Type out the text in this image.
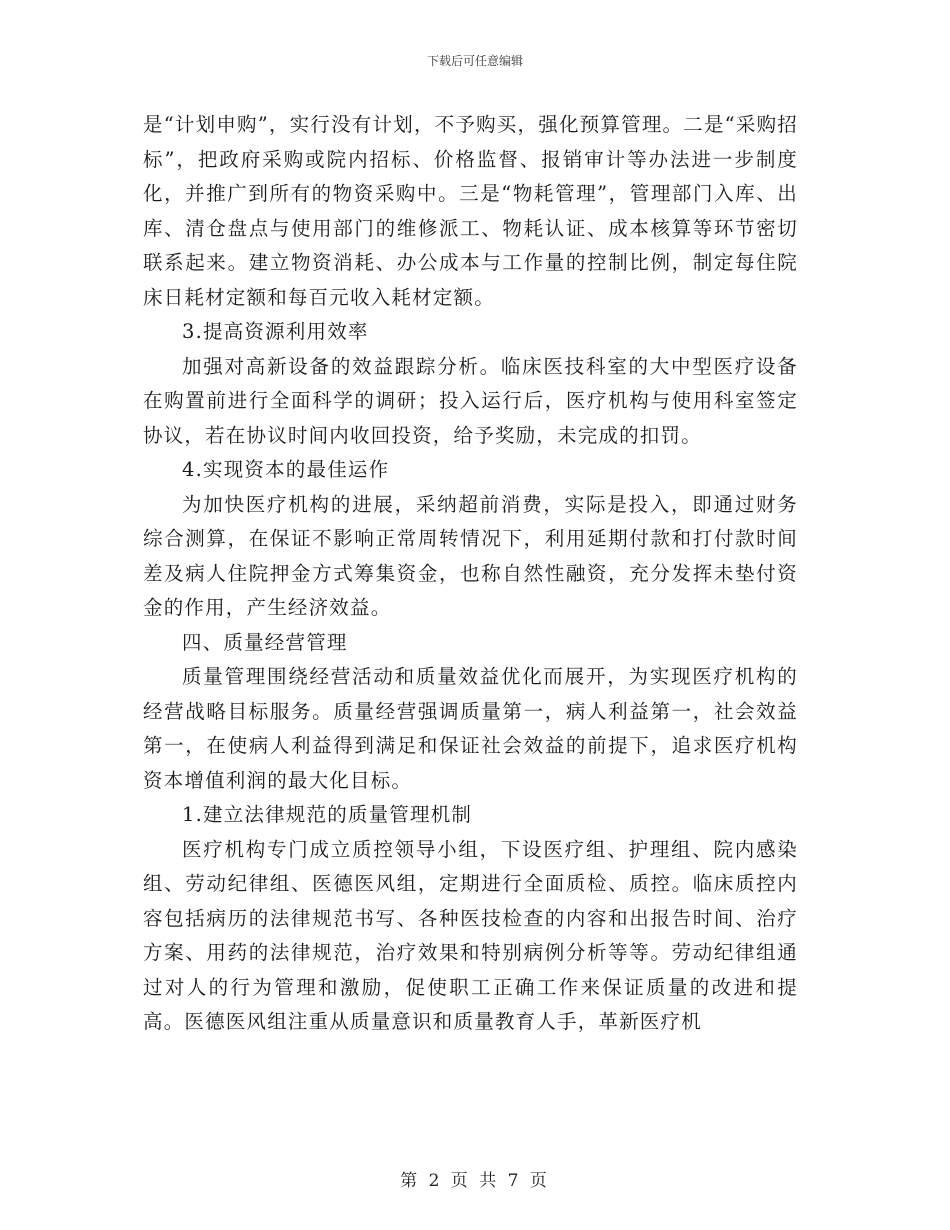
下载后可任意编辑

是“计划申购”，实行没有计划，不予购买，强化预算管理。二是“采购招标”，把政府采购或院内招标、价格监督、报销审计等办法进一步制度化，并推广到所有的物资采购中。三是“物耗管理”，管理部门入库、出库、清仓盘点与使用部门的维修派工、物耗认证、成本核算等环节密切联系起来。建立物资消耗、办公成本与工作量的控制比例，制定每住院床日耗材定额和每百元收入耗材定额。

3.提高资源利用效率

加强对高新设备的效益跟踪分析。临床医技科室的大中型医疗设备在购置前进行全面科学的调研；投入运行后，医疗机构与使用科室签定协议，若在协议时间内收回投资，给予奖励，未完成的扣罚。

4.实现资本的最佳运作

为加快医疗机构的进展，采纳超前消费，实际是投入，即通过财务综合测算，在保证不影响正常周转情况下，利用延期付款和打付款时间差及病人住院押金方式筹集资金，也称自然性融资，充分发挥未垫付资金的作用，产生经济效益。

四、质量经营管理

质量管理围绕经营活动和质量效益优化而展开，为实现医疗机构的经营战略目标服务。质量经营强调质量第一，病人利益第一，社会效益第一，在使病人利益得到满足和保证社会效益的前提下，追求医疗机构资本增值利润的最大化目标。

1.建立法律规范的质量管理机制

医疗机构专门成立质控领导小组，下设医疗组、护理组、院内感染组、劳动纪律组、医德医风组，定期进行全面质检、质控。临床质控内容包括病历的法律规范书写、各种医技检查的内容和出报告时间、治疗方案、用药的法律规范，治疗效果和特别病例分析等等。劳动纪律组通过对人的行为管理和激励，促使职工正确工作来保证质量的改进和提高。医德医风组注重从质量意识和质量教育人手，革新医疗机

第 2 页 共 7 页
